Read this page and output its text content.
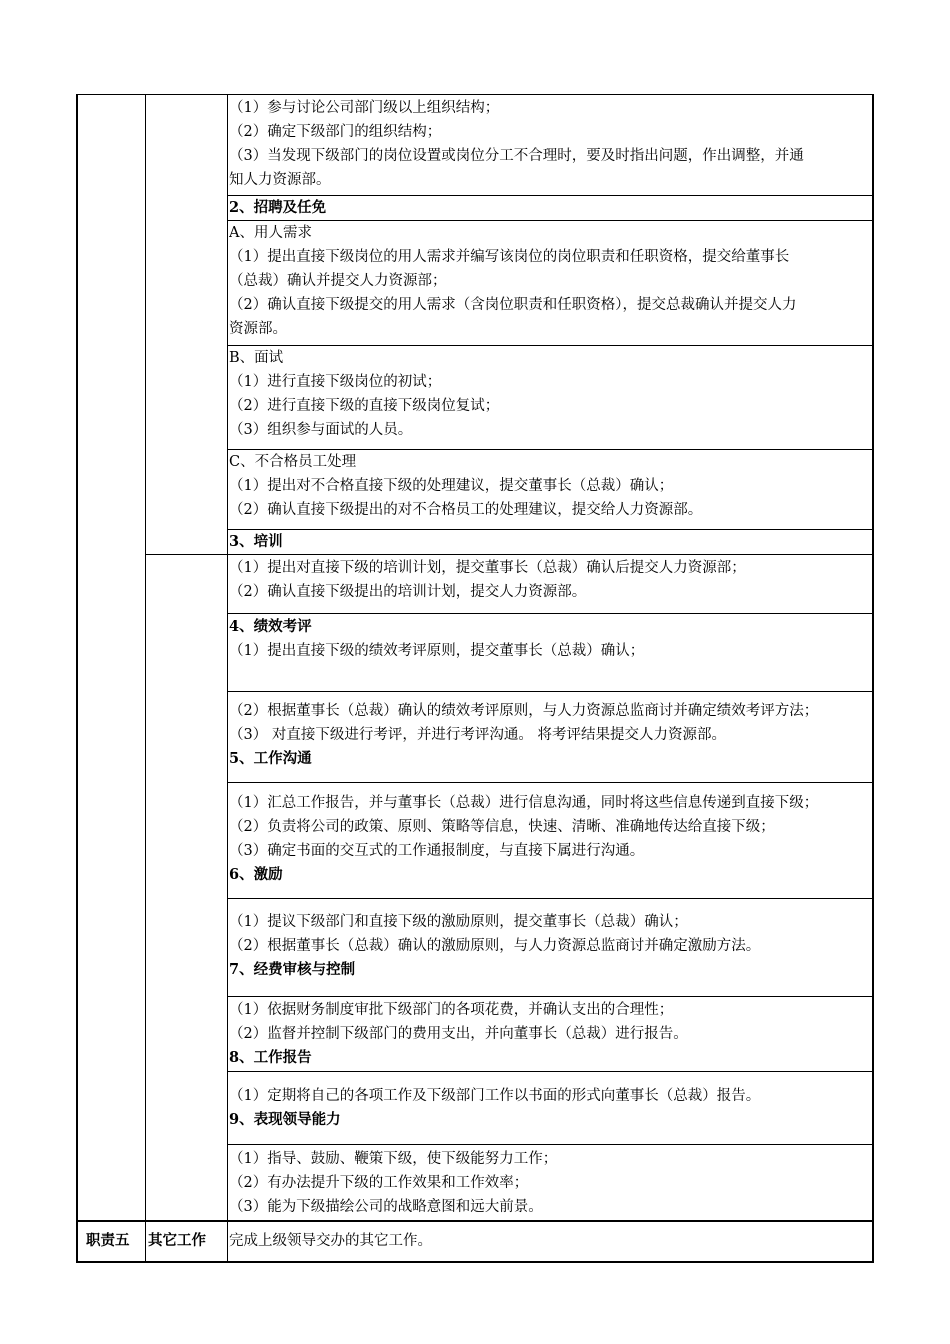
（1）参与讨论公司部门级以上组织结构；
（2）确定下级部门的组织结构；
（3）当发现下级部门的岗位设置或岗位分工不合理时，要及时指出问题，作出调整，并通
知人力资源部。
2、招聘及任免
A、用人需求
（1）提出直接下级岗位的用人需求并编写该岗位的岗位职责和任职资格，提交给董事长
（总裁）确认并提交人力资源部；
（2）确认直接下级提交的用人需求（含岗位职责和任职资格），提交总裁确认并提交人力
资源部。
B、面试
（1）进行直接下级岗位的初试；
（2）进行直接下级的直接下级岗位复试；
（3）组织参与面试的人员。
C、不合格员工处理
（1）提出对不合格直接下级的处理建议，提交董事长（总裁）确认；
（2）确认直接下级提出的对不合格员工的处理建议，提交给人力资源部。
3、培训
（1）提出对直接下级的培训计划，提交董事长（总裁）确认后提交人力资源部；
（2）确认直接下级提出的培训计划，提交人力资源部。
4、绩效考评
（1）提出直接下级的绩效考评原则，提交董事长（总裁）确认；
（2）根据董事长（总裁）确认的绩效考评原则，与人力资源总监商讨并确定绩效考评方法；
（3） 对直接下级进行考评，并进行考评沟通。 将考评结果提交人力资源部。
5、工作沟通
（1）汇总工作报告，并与董事长（总裁）进行信息沟通，同时将这些信息传递到直接下级；
（2）负责将公司的政策、原则、策略等信息，快速、清晰、准确地传达给直接下级；
（3）确定书面的交互式的工作通报制度，与直接下属进行沟通。
6、激励
（1）提议下级部门和直接下级的激励原则，提交董事长（总裁）确认；
（2）根据董事长（总裁）确认的激励原则，与人力资源总监商讨并确定激励方法。
7、经费审核与控制
（1）依据财务制度审批下级部门的各项花费，并确认支出的合理性；
（2）监督并控制下级部门的费用支出，并向董事长（总裁）进行报告。
8、工作报告
（1）定期将自己的各项工作及下级部门工作以书面的形式向董事长（总裁）报告。
9、表现领导能力
（1）指导、鼓励、鞭策下级，使下级能努力工作；
（2）有办法提升下级的工作效果和工作效率；
（3）能为下级描绘公司的战略意图和远大前景。
职责五 其它工作 完成上级领导交办的其它工作。
